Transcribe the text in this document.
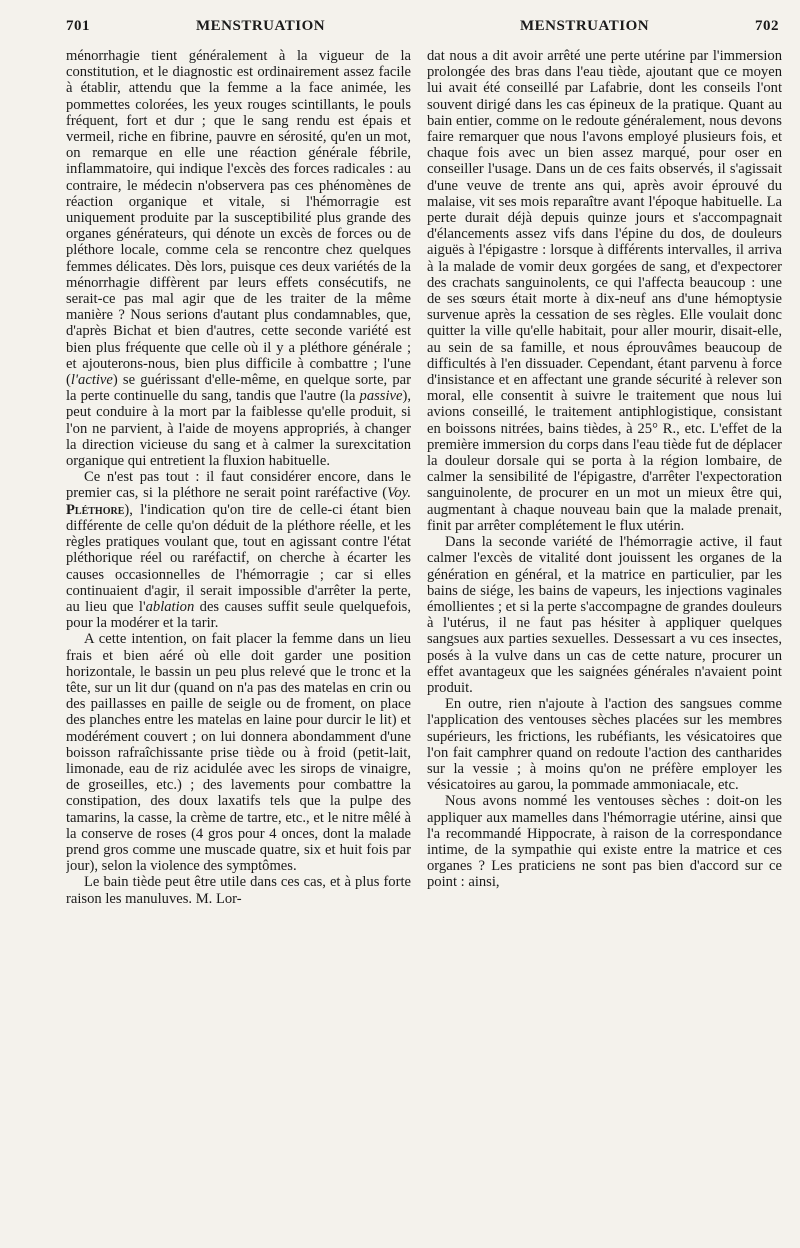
701	MENSTRUATION	MENSTRUATION	702

ménorrhagie tient généralement à la vigueur de la constitution, et le diagnostic est ordinairement assez facile à établir, attendu que la femme a la face animée, les pommettes colorées, les yeux rouges scintillants, le pouls fréquent, fort et dur ; que le sang rendu est épais et vermeil, riche en fibrine, pauvre en sérosité, qu'en un mot, on remarque en elle une réaction générale fébrile, inflammatoire, qui indique l'excès des forces radicales : au contraire, le médecin n'observera pas ces phénomènes de réaction organique et vitale, si l'hémorragie est uniquement produite par la susceptibilité plus grande des organes générateurs, qui dénote un excès de forces ou de pléthore locale, comme cela se rencontre chez quelques femmes délicates. Dès lors, puisque ces deux variétés de la ménorrhagie diffèrent par leurs effets consécutifs, ne serait-ce pas mal agir que de les traiter de la même manière ? Nous serions d'autant plus condamnables, que, d'après Bichat et bien d'autres, cette seconde variété est bien plus fréquente que celle où il y a pléthore générale ; et ajouterons-nous, bien plus difficile à combattre ; l'une (l'active) se guérissant d'elle-même, en quelque sorte, par la perte continuelle du sang, tandis que l'autre (la passive), peut conduire à la mort par la faiblesse qu'elle produit, si l'on ne parvient, à l'aide de moyens appropriés, à changer la direction vicieuse du sang et à calmer la surexcitation organique qui entretient la fluxion habituelle.

Ce n'est pas tout : il faut considérer encore, dans le premier cas, si la pléthore ne serait point raréfactive (Voy. Pléthore), l'indication qu'on tire de celle-ci étant bien différente de celle qu'on déduit de la pléthore réelle, et les règles pratiques voulant que, tout en agissant contre l'état pléthorique réel ou raréfactif, on cherche à écarter les causes occasionnelles de l'hémorragie ; car si elles continuaient d'agir, il serait impossible d'arrêter la perte, au lieu que l'ablation des causes suffit seule quelquefois, pour la modérer et la tarir.

A cette intention, on fait placer la femme dans un lieu frais et bien aéré où elle doit garder une position horizontale, le bassin un peu plus relevé que le tronc et la tête, sur un lit dur (quand on n'a pas des matelas en crin ou des paillasses en paille de seigle ou de froment, on place des planches entre les matelas en laine pour durcir le lit) et modérément couvert ; on lui donnera abondamment d'une boisson rafraîchissante prise tiède ou à froid (petit-lait, limonade, eau de riz acidulée avec les sirops de vinaigre, de groseilles, etc.) ; des lavements pour combattre la constipation, des doux laxatifs tels que la pulpe des tamarins, la casse, la crème de tartre, etc., et le nitre mêlé à la conserve de roses (4 gros pour 4 onces, dont la malade prend gros comme une muscade quatre, six et huit fois par jour), selon la violence des symptômes.

Le bain tiède peut être utile dans ces cas, et à plus forte raison les manuluves. M. Lor-

dat nous a dit avoir arrêté une perte utérine par l'immersion prolongée des bras dans l'eau tiède, ajoutant que ce moyen lui avait été conseillé par Lafabrie, dont les conseils l'ont souvent dirigé dans les cas épineux de la pratique. Quant au bain entier, comme on le redoute généralement, nous devons faire remarquer que nous l'avons employé plusieurs fois, et chaque fois avec un bien assez marqué, pour oser en conseiller l'usage. Dans un de ces faits observés, il s'agissait d'une veuve de trente ans qui, après avoir éprouvé du malaise, vit ses mois reparaître avant l'époque habituelle. La perte durait déjà depuis quinze jours et s'accompagnait d'élancements assez vifs dans l'épine du dos, de douleurs aiguës à l'épigastre : lorsque à différents intervalles, il arriva à la malade de vomir deux gorgées de sang, et d'expectorer des crachats sanguinolents, ce qui l'affecta beaucoup : une de ses sœurs était morte à dix-neuf ans d'une hémoptysie survenue après la cessation de ses règles. Elle voulait donc quitter la ville qu'elle habitait, pour aller mourir, disait-elle, au sein de sa famille, et nous éprouvâmes beaucoup de difficultés à l'en dissuader. Cependant, étant parvenu à force d'insistance et en affectant une grande sécurité à relever son moral, elle consentit à suivre le traitement que nous lui avions conseillé, le traitement antiphlogistique, consistant en boissons nitrées, bains tièdes, à 25° R., etc. L'effet de la première immersion du corps dans l'eau tiède fut de déplacer la douleur dorsale qui se porta à la région lombaire, de calmer la sensibilité de l'épigastre, d'arrêter l'expectoration sanguinolente, de procurer en un mot un mieux être qui, augmentant à chaque nouveau bain que la malade prenait, finit par arrêter complétement le flux utérin.

Dans la seconde variété de l'hémorragie active, il faut calmer l'excès de vitalité dont jouissent les organes de la génération en général, et la matrice en particulier, par les bains de siége, les bains de vapeurs, les injections vaginales émollientes ; et si la perte s'accompagne de grandes douleurs à l'utérus, il ne faut pas hésiter à appliquer quelques sangsues aux parties sexuelles. Dessessart a vu ces insectes, posés à la vulve dans un cas de cette nature, procurer un effet avantageux que les saignées générales n'avaient point produit.

En outre, rien n'ajoute à l'action des sangsues comme l'application des ventouses sèches placées sur les membres supérieurs, les frictions, les rubéfiants, les vésicatoires que l'on fait camphrer quand on redoute l'action des cantharides sur la vessie ; à moins qu'on ne préfère employer les vésicatoires au garou, la pommade ammoniacale, etc.

Nous avons nommé les ventouses sèches : doit-on les appliquer aux mamelles dans l'hémorragie utérine, ainsi que l'a recommandé Hippocrate, à raison de la correspondance intime, de la sympathie qui existe entre la matrice et ces organes ? Les praticiens ne sont pas bien d'accord sur ce point : ainsi,
